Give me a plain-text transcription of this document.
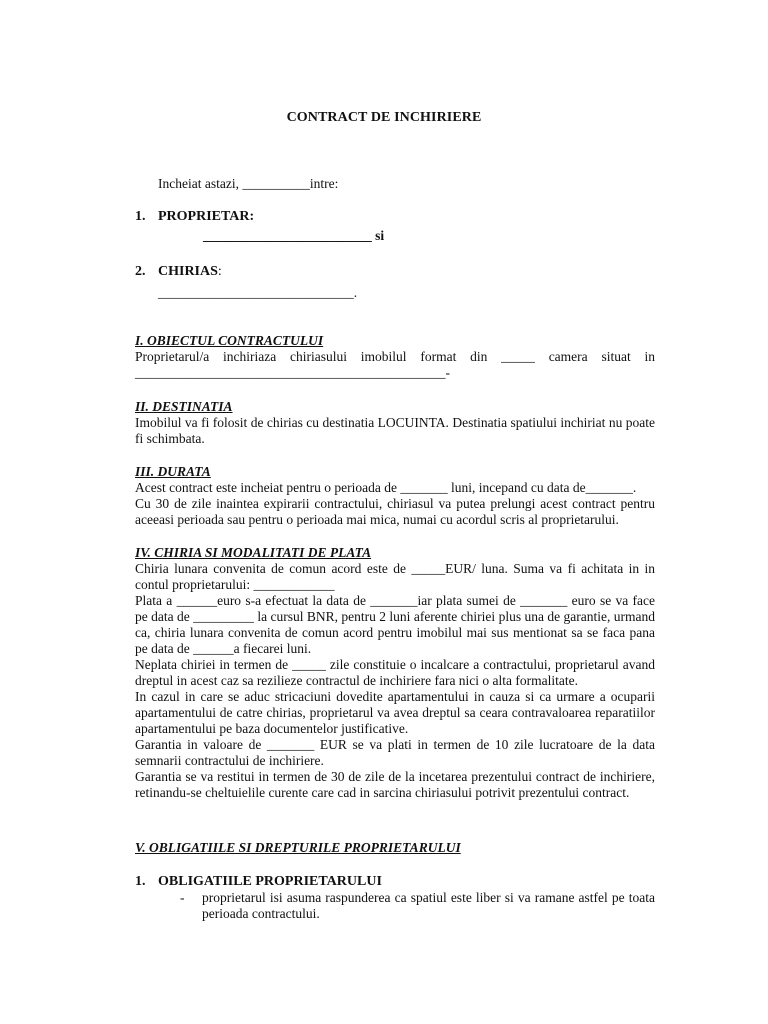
CONTRACT DE INCHIRIERE
Incheiat astazi, __________intre:
1. PROPRIETAR:
_________________________ si
2. CHIRIAS:
_____________________________.

I. OBIECTUL CONTRACTULUI

Proprietarul/a inchiriaza chiriasului imobilul format din _____ camera situat in

______________________________________________-

II. DESTINATIA

Imobilul va fi folosit de chirias cu destinatia LOCUINTA. Destinatia spatiului inchiriat nu poate fi schimbata.

III. DURATA

Acest contract este incheiat pentru o perioada de _______ luni, incepand cu data de_______.

Cu 30 de zile inaintea expirarii contractului, chiriasul va putea prelungi acest contract pentru aceeasi perioada sau pentru o perioada mai mica, numai cu acordul scris al proprietarului.

IV. CHIRIA SI MODALITATI DE PLATA

Chiria lunara convenita de comun acord este de _____EUR/ luna. Suma va fi achitata in in contul proprietarului: ____________

Plata a ______euro s-a efectuat la data de _______iar plata sumei de _______ euro se va face pe data de _________ la cursul BNR, pentru 2 luni aferente chiriei plus una de garantie, urmand ca, chiria lunara convenita de comun acord pentru imobilul mai sus mentionat sa se faca pana pe data de ______a fiecarei luni.

Neplata chiriei in termen de _____ zile constituie o incalcare a contractului, proprietarul avand dreptul in acest caz sa rezilieze contractul de inchiriere fara nici o alta formalitate.

In cazul in care se aduc stricaciuni dovedite apartamentului in cauza si ca urmare a ocuparii apartamentului de catre chirias, proprietarul va avea dreptul sa ceara contravaloarea reparatiilor apartamentului pe baza documentelor justificative.

Garantia in valoare de _______ EUR se va plati in termen de 10 zile lucratoare de la data semnarii contractului de inchiriere.

Garantia se va restitui in termen de 30 de zile de la incetarea prezentului contract de inchiriere, retinandu-se cheltuielile curente care cad in sarcina chiriasului potrivit prezentului contract.

V. OBLIGATIILE SI DREPTURILE PROPRIETARULUI

1. OBLIGATIILE PROPRIETARULUI
- proprietarul isi asuma raspunderea ca spatiul este liber si va ramane astfel pe toata perioada contractului.
